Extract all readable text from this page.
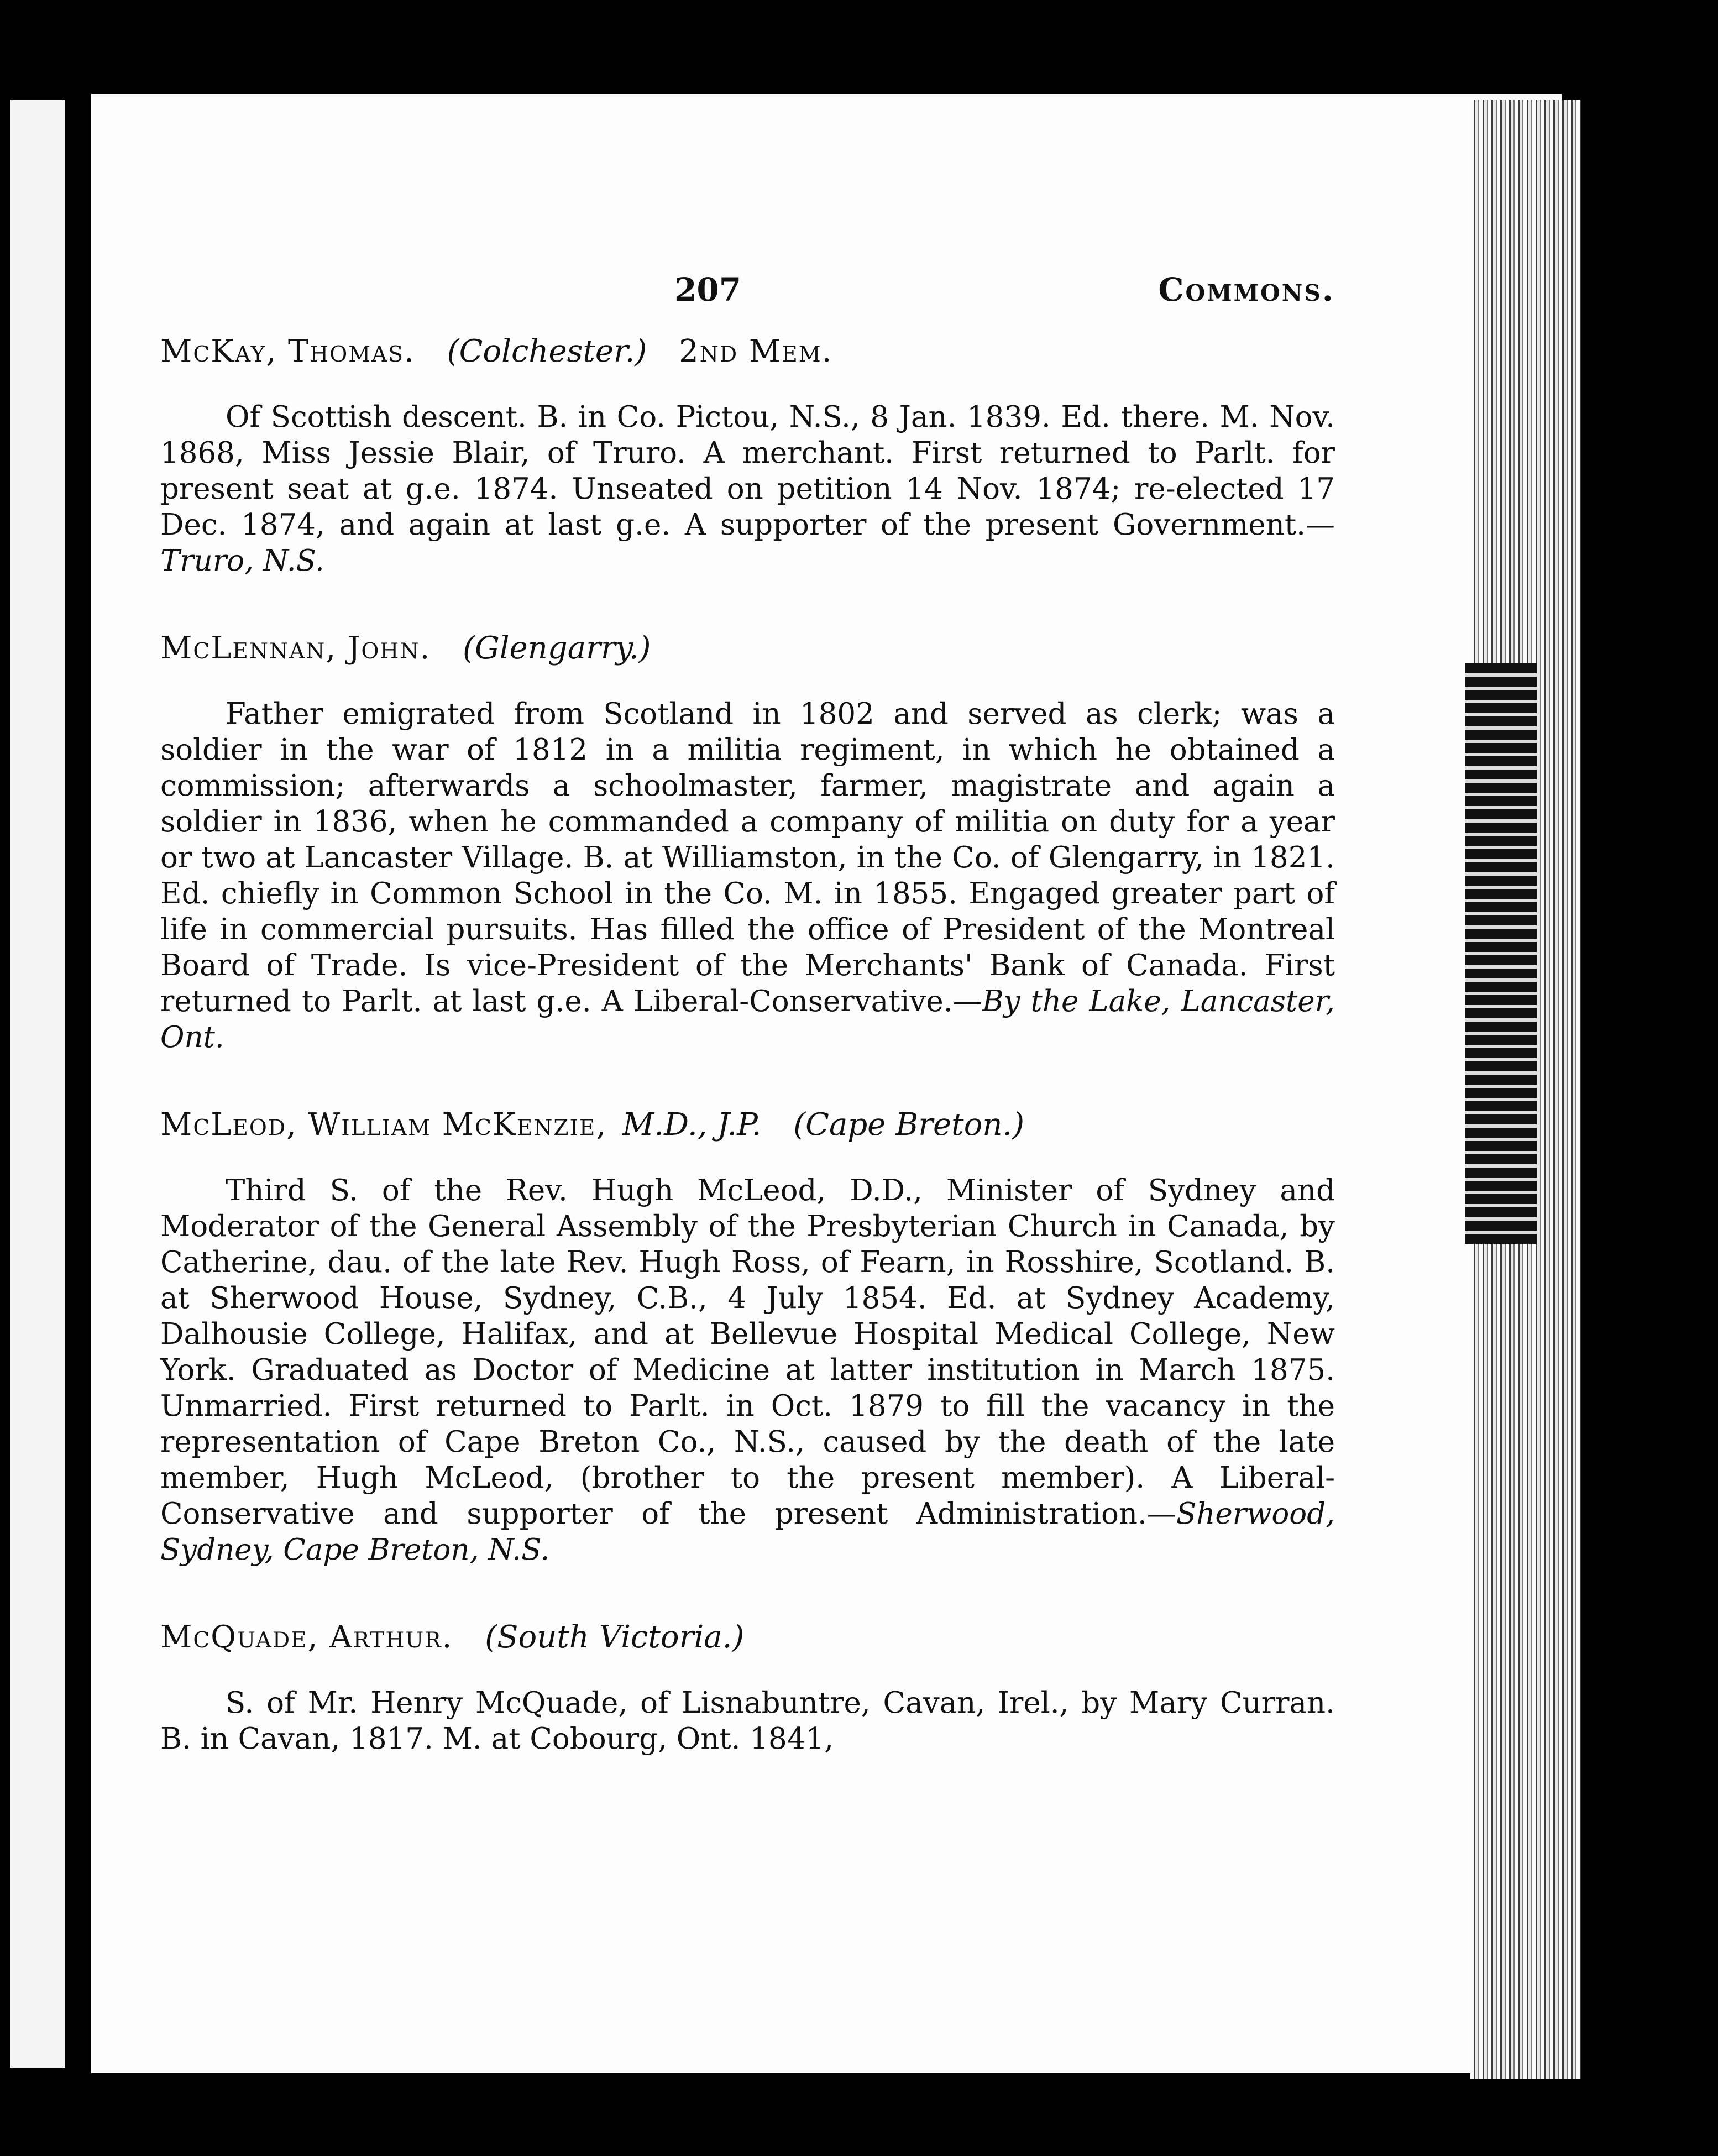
207	Commons.
McKay, Thomas. (Colchester.) 2nd Mem.

Of Scottish descent. B. in Co. Pictou, N.S., 8 Jan. 1839. Ed. there. M. Nov. 1868, Miss Jessie Blair, of Truro. A merchant. First returned to Parlt. for present seat at g.e. 1874. Unseated on petition 14 Nov. 1874; re-elected 17 Dec. 1874, and again at last g.e. A supporter of the present Government.—Truro, N.S.

McLennan, John. (Glengarry.)

Father emigrated from Scotland in 1802 and served as clerk; was a soldier in the war of 1812 in a militia regiment, in which he obtained a commission; afterwards a schoolmaster, farmer, magistrate and again a soldier in 1836, when he commanded a company of militia on duty for a year or two at Lancaster Village. B. at Williamston, in the Co. of Glengarry, in 1821. Ed. chiefly in Common School in the Co. M. in 1855. Engaged greater part of life in commercial pursuits. Has filled the office of President of the Montreal Board of Trade. Is vice-President of the Merchants' Bank of Canada. First returned to Parlt. at last g.e. A Liberal-Conservative.—By the Lake, Lancaster, Ont.

McLeod, William McKenzie, M.D., J.P. (Cape Breton.)

Third S. of the Rev. Hugh McLeod, D.D., Minister of Sydney and Moderator of the General Assembly of the Presbyterian Church in Canada, by Catherine, dau. of the late Rev. Hugh Ross, of Fearn, in Rosshire, Scotland. B. at Sherwood House, Sydney, C.B., 4 July 1854. Ed. at Sydney Academy, Dalhousie College, Halifax, and at Bellevue Hospital Medical College, New York. Graduated as Doctor of Medicine at latter institution in March 1875. Unmarried. First returned to Parlt. in Oct. 1879 to fill the vacancy in the representation of Cape Breton Co., N.S., caused by the death of the late member, Hugh McLeod, (brother to the present member). A Liberal-Conservative and supporter of the present Administration.—Sherwood, Sydney, Cape Breton, N.S.

McQuade, Arthur. (South Victoria.)

S. of Mr. Henry McQuade, of Lisnabuntre, Cavan, Irel., by Mary Curran. B. in Cavan, 1817. M. at Cobourg, Ont. 1841,
